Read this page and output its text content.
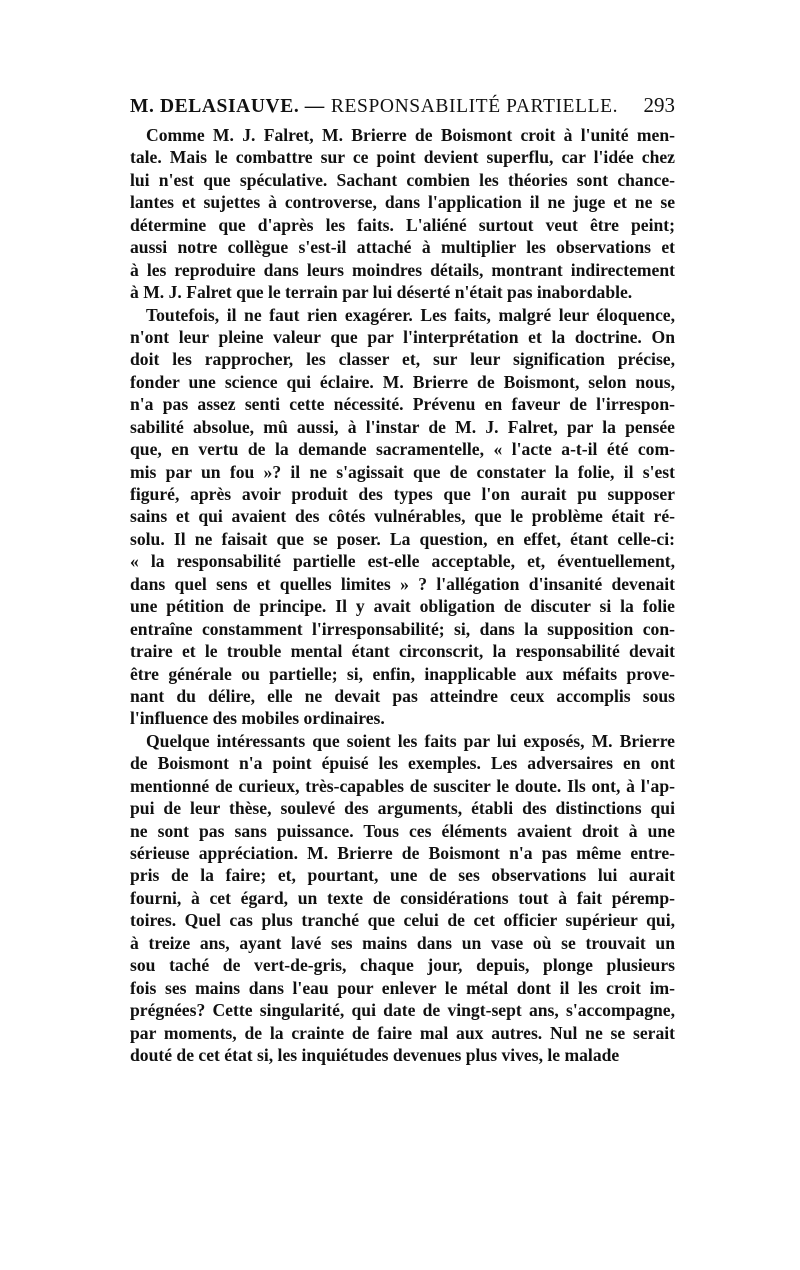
M. DELASIAUVE. — RESPONSABILITÉ PARTIELLE.	293

Comme M. J. Falret, M. Brierre de Boismont croit à l'unité men-
tale. Mais le combattre sur ce point devient superflu, car l'idée chez
lui n'est que spéculative. Sachant combien les théories sont chance-
lantes et sujettes à controverse, dans l'application il ne juge et ne se
détermine que d'après les faits. L'aliéné surtout veut être peint;
aussi notre collègue s'est-il attaché à multiplier les observations et
à les reproduire dans leurs moindres détails, montrant indirectement
à M. J. Falret que le terrain par lui déserté n'était pas inabordable.

Toutefois, il ne faut rien exagérer. Les faits, malgré leur éloquence,
n'ont leur pleine valeur que par l'interprétation et la doctrine. On
doit les rapprocher, les classer et, sur leur signification précise,
fonder une science qui éclaire. M. Brierre de Boismont, selon nous,
n'a pas assez senti cette nécessité. Prévenu en faveur de l'irrespon-
sabilité absolue, mû aussi, à l'instar de M. J. Falret, par la pensée
que, en vertu de la demande sacramentelle, « l'acte a-t-il été com-
mis par un fou »? il ne s'agissait que de constater la folie, il s'est
figuré, après avoir produit des types que l'on aurait pu supposer
sains et qui avaient des côtés vulnérables, que le problème était ré-
solu. Il ne faisait que se poser. La question, en effet, étant celle-ci:
« la responsabilité partielle est-elle acceptable, et, éventuellement,
dans quel sens et quelles limites » ? l'allégation d'insanité devenait
une pétition de principe. Il y avait obligation de discuter si la folie
entraîne constamment l'irresponsabilité; si, dans la supposition con-
traire et le trouble mental étant circonscrit, la responsabilité devait
être générale ou partielle; si, enfin, inapplicable aux méfaits prove-
nant du délire, elle ne devait pas atteindre ceux accomplis sous
l'influence des mobiles ordinaires.

Quelque intéressants que soient les faits par lui exposés, M. Brierre
de Boismont n'a point épuisé les exemples. Les adversaires en ont
mentionné de curieux, très-capables de susciter le doute. Ils ont, à l'ap-
pui de leur thèse, soulevé des arguments, établi des distinctions qui
ne sont pas sans puissance. Tous ces éléments avaient droit à une
sérieuse appréciation. M. Brierre de Boismont n'a pas même entre-
pris de la faire; et, pourtant, une de ses observations lui aurait
fourni, à cet égard, un texte de considérations tout à fait péremp-
toires. Quel cas plus tranché que celui de cet officier supérieur qui,
à treize ans, ayant lavé ses mains dans un vase où se trouvait un
sou taché de vert-de-gris, chaque jour, depuis, plonge plusieurs
fois ses mains dans l'eau pour enlever le métal dont il les croit im-
prégnées? Cette singularité, qui date de vingt-sept ans, s'accompagne,
par moments, de la crainte de faire mal aux autres. Nul ne se serait
douté de cet état si, les inquiétudes devenues plus vives, le malade
